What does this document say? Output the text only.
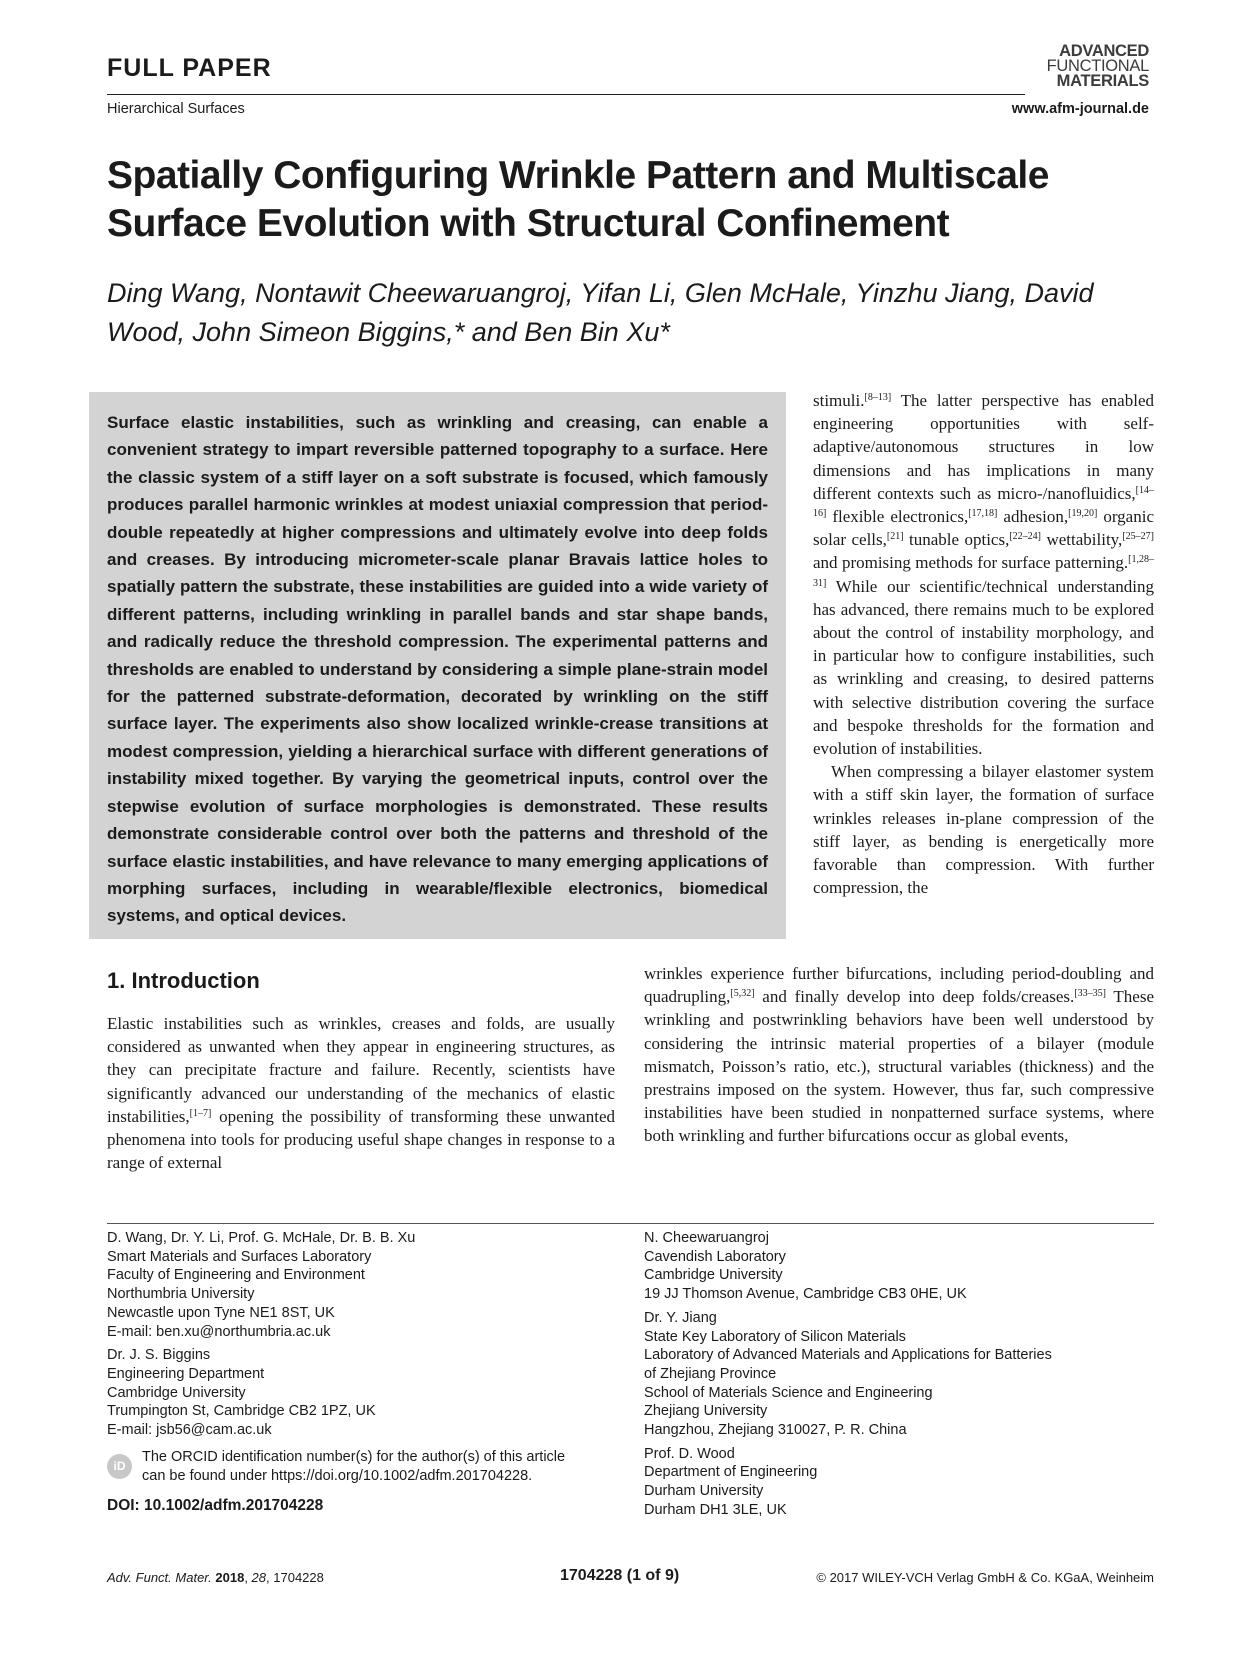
FULL PAPER
ADVANCED
FUNCTIONAL
MATERIALS
Hierarchical Surfaces	www.afm-journal.de
Spatially Configuring Wrinkle Pattern and Multiscale Surface Evolution with Structural Confinement
Ding Wang, Nontawit Cheewaruangroj, Yifan Li, Glen McHale, Yinzhu Jiang, David Wood, John Simeon Biggins,* and Ben Bin Xu*
Surface elastic instabilities, such as wrinkling and creasing, can enable a convenient strategy to impart reversible patterned topography to a surface. Here the classic system of a stiff layer on a soft substrate is focused, which famously produces parallel harmonic wrinkles at modest uniaxial compression that period-double repeatedly at higher compressions and ultimately evolve into deep folds and creases. By introducing micrometer-scale planar Bravais lattice holes to spatially pattern the substrate, these instabilities are guided into a wide variety of different patterns, including wrinkling in parallel bands and star shape bands, and radically reduce the threshold compression. The experimental patterns and thresholds are enabled to understand by considering a simple plane-strain model for the patterned substrate-deformation, decorated by wrinkling on the stiff surface layer. The experiments also show localized wrinkle-crease transitions at modest compression, yielding a hierarchical surface with different generations of instability mixed together. By varying the geometrical inputs, control over the stepwise evolution of surface morphologies is demonstrated. These results demonstrate considerable control over both the patterns and threshold of the surface elastic instabilities, and have relevance to many emerging applications of morphing surfaces, including in wearable/flexible electronics, biomedical systems, and optical devices.

stimuli.[8–13] The latter perspective has enabled engineering opportunities with self-adaptive/autonomous structures in low dimensions and has implications in many different contexts such as micro-/nanofluidics,[14–16] flexible electronics,[17,18] adhesion,[19,20] organic solar cells,[21] tunable optics,[22–24] wettability,[25–27] and promising methods for surface patterning.[1,28–31] While our scientific/technical understanding has advanced, there remains much to be explored about the control of instability morphology, and in particular how to configure instabilities, such as wrinkling and creasing, to desired patterns with selective distribution covering the surface and bespoke thresholds for the formation and evolution of instabilities.

When compressing a bilayer elastomer system with a stiff skin layer, the formation of surface wrinkles releases in-plane compression of the stiff layer, as bending is energetically more favorable than compression. With further compression, the

1. Introduction
Elastic instabilities such as wrinkles, creases and folds, are usually considered as unwanted when they appear in engineering structures, as they can precipitate fracture and failure. Recently, scientists have significantly advanced our understanding of the mechanics of elastic instabilities,[1–7] opening the possibility of transforming these unwanted phenomena into tools for producing useful shape changes in response to a range of external
wrinkles experience further bifurcations, including period-doubling and quadrupling,[5,32] and finally develop into deep folds/creases.[33–35] These wrinkling and postwrinkling behaviors have been well understood by considering the intrinsic material properties of a bilayer (module mismatch, Poisson’s ratio, etc.), structural variables (thickness) and the prestrains imposed on the system. However, thus far, such compressive instabilities have been studied in nonpatterned surface systems, where both wrinkling and further bifurcations occur as global events,
D. Wang, Dr. Y. Li, Prof. G. McHale, Dr. B. B. Xu
Smart Materials and Surfaces Laboratory
Faculty of Engineering and Environment
Northumbria University
Newcastle upon Tyne NE1 8ST, UK
E-mail: ben.xu@northumbria.ac.uk
Dr. J. S. Biggins
Engineering Department
Cambridge University
Trumpington St, Cambridge CB2 1PZ, UK
E-mail: jsb56@cam.ac.uk
iD
The ORCID identification number(s) for the author(s) of this article
can be found under https://doi.org/10.1002/adfm.201704228.
DOI: 10.1002/adfm.201704228
N. Cheewaruangroj
Cavendish Laboratory
Cambridge University
19 JJ Thomson Avenue, Cambridge CB3 0HE, UK
Dr. Y. Jiang
State Key Laboratory of Silicon Materials
Laboratory of Advanced Materials and Applications for Batteries
of Zhejiang Province
School of Materials Science and Engineering
Zhejiang University
Hangzhou, Zhejiang 310027, P. R. China
Prof. D. Wood
Department of Engineering
Durham University
Durham DH1 3LE, UK
Adv. Funct. Mater. 2018, 28, 1704228	1704228 (1 of 9)	© 2017 WILEY-VCH Verlag GmbH & Co. KGaA, Weinheim
